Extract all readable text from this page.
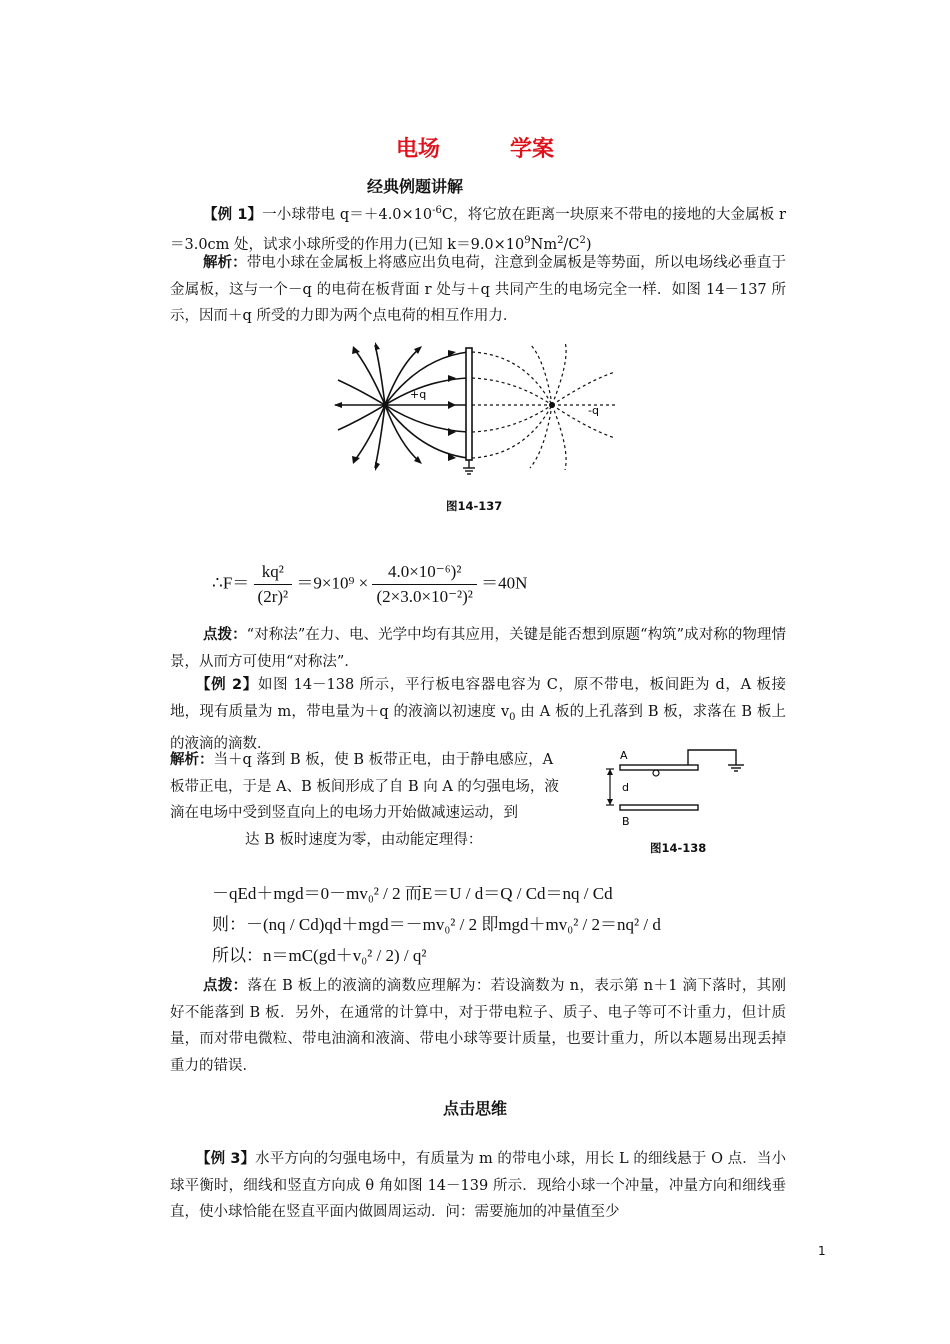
电场	学案
经典例题讲解

【例 1】一小球带电 $q=+4.0\times 10^{-6}C$，将它放在距离一块原来不带电的接地的大金属板 r＝3.0cm 处，试求小球所受的作用力(已知 $k=9.0\times 10^9Nm^2/C^2$)

解析：带电小球在金属板上将感应出负电荷，注意到金属板是等势面，所以电场线必垂直于金属板，这与一个－q 的电荷在板背面 r 处与＋q 共同产生的电场完全一样．如图 14－137 所示，因而＋q 所受的力即为两个点电荷的相互作用力．

+q
-q
图14-137
∴F＝ $\frac{\text{kq²}}{\text{(2r)²}} =9\times 10^9 \times \frac{\text{4.0×10⁻⁶)²}}{\text{(2×3.0×10⁻²)²}} =40N$

点拨：“对称法”在力、电、光学中均有其应用，关键是能否想到原题“构筑”成对称的物理情景，从而方可使用“对称法”．

【例 2】如图 14－138 所示，平行板电容器电容为 C，原不带电，板间距为 d，A 板接地，现有质量为 m，带电量为＋q 的液滴以初速度 $v_0$ 由 A 板的上孔落到 B 板，求落在 B 板上的液滴的滴数．

解析：当＋q 落到 B 板，使 B 板带正电，由于静电感应，A
板带正电，于是 A、B 板间形成了自 B 向 A 的匀强电场，液
滴在电场中受到竖直向上的电场力开始做减速运动，到
达 B 板时速度为零，由动能定理得：
A
d
B
图14-138
－qEd＋mgd＝0－mv₀² / 2 而E＝U / d＝Q / Cd＝nq / Cd
则：－(nq / Cd)qd＋mgd＝－mv₀² / 2 即mgd＋mv₀² / 2＝nq² / d
所以：n＝mC(gd＋v₀² / 2) / q²

点拨：落在 B 板上的液滴的滴数应理解为：若设滴数为 n，表示第 n＋1 滴下落时，其刚好不能落到 B 板．另外，在通常的计算中，对于带电粒子、质子、电子等可不计重力，但计质量，而对带电微粒、带电油滴和液滴、带电小球等要计质量，也要计重力，所以本题易出现丢掉重力的错误．

点击思维

【例 3】水平方向的匀强电场中，有质量为 m 的带电小球，用长 L 的细线悬于 O 点．当小球平衡时，细线和竖直方向成 θ 角如图 14－139 所示．现给小球一个冲量，冲量方向和细线垂直，使小球恰能在竖直平面内做圆周运动．问：需要施加的冲量值至少

1
